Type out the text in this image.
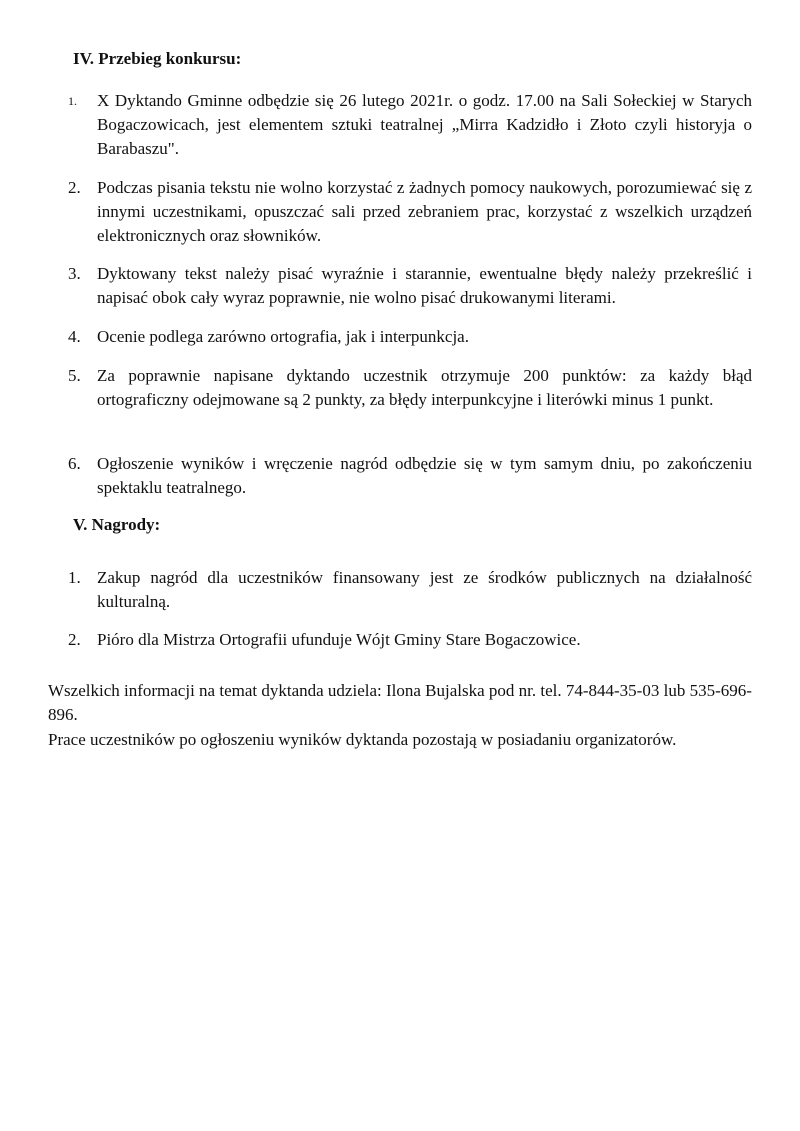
IV. Przebieg konkursu:
1.	X Dyktando Gminne odbędzie się 26 lutego 2021r. o godz. 17.00 na Sali Sołeckiej w Starych Bogaczowicach, jest elementem sztuki teatralnej „Mirra Kadzidło i Złoto czyli historyja o Barabaszu".
2. Podczas pisania tekstu nie wolno korzystać z żadnych pomocy naukowych, porozumiewać się z innymi uczestnikami, opuszczać sali przed zebraniem prac, korzystać z wszelkich urządzeń elektronicznych oraz słowników.
3. Dyktowany tekst należy pisać wyraźnie i starannie, ewentualne błędy należy przekreślić i napisać obok cały wyraz poprawnie, nie wolno pisać drukowanymi literami.
4. Ocenie podlega zarówno ortografia, jak i interpunkcja.
5. Za poprawnie napisane dyktando uczestnik otrzymuje 200 punktów: za każdy błąd ortograficzny odejmowane są 2 punkty, za błędy interpunkcyjne i literówki minus 1 punkt.
6. Ogłoszenie wyników i wręczenie nagród odbędzie się w tym samym dniu, po zakończeniu spektaklu teatralnego.
V. Nagrody:
1. Zakup nagród dla uczestników finansowany jest ze środków publicznych na działalność kulturalną.
2. Pióro dla Mistrza Ortografii ufunduje Wójt Gminy Stare Bogaczowice.

Wszelkich informacji na temat dyktanda udziela: Ilona Bujalska pod nr. tel. 74-844-35-03 lub 535-696-896.

Prace uczestników po ogłoszeniu wyników dyktanda pozostają w posiadaniu organizatorów.
